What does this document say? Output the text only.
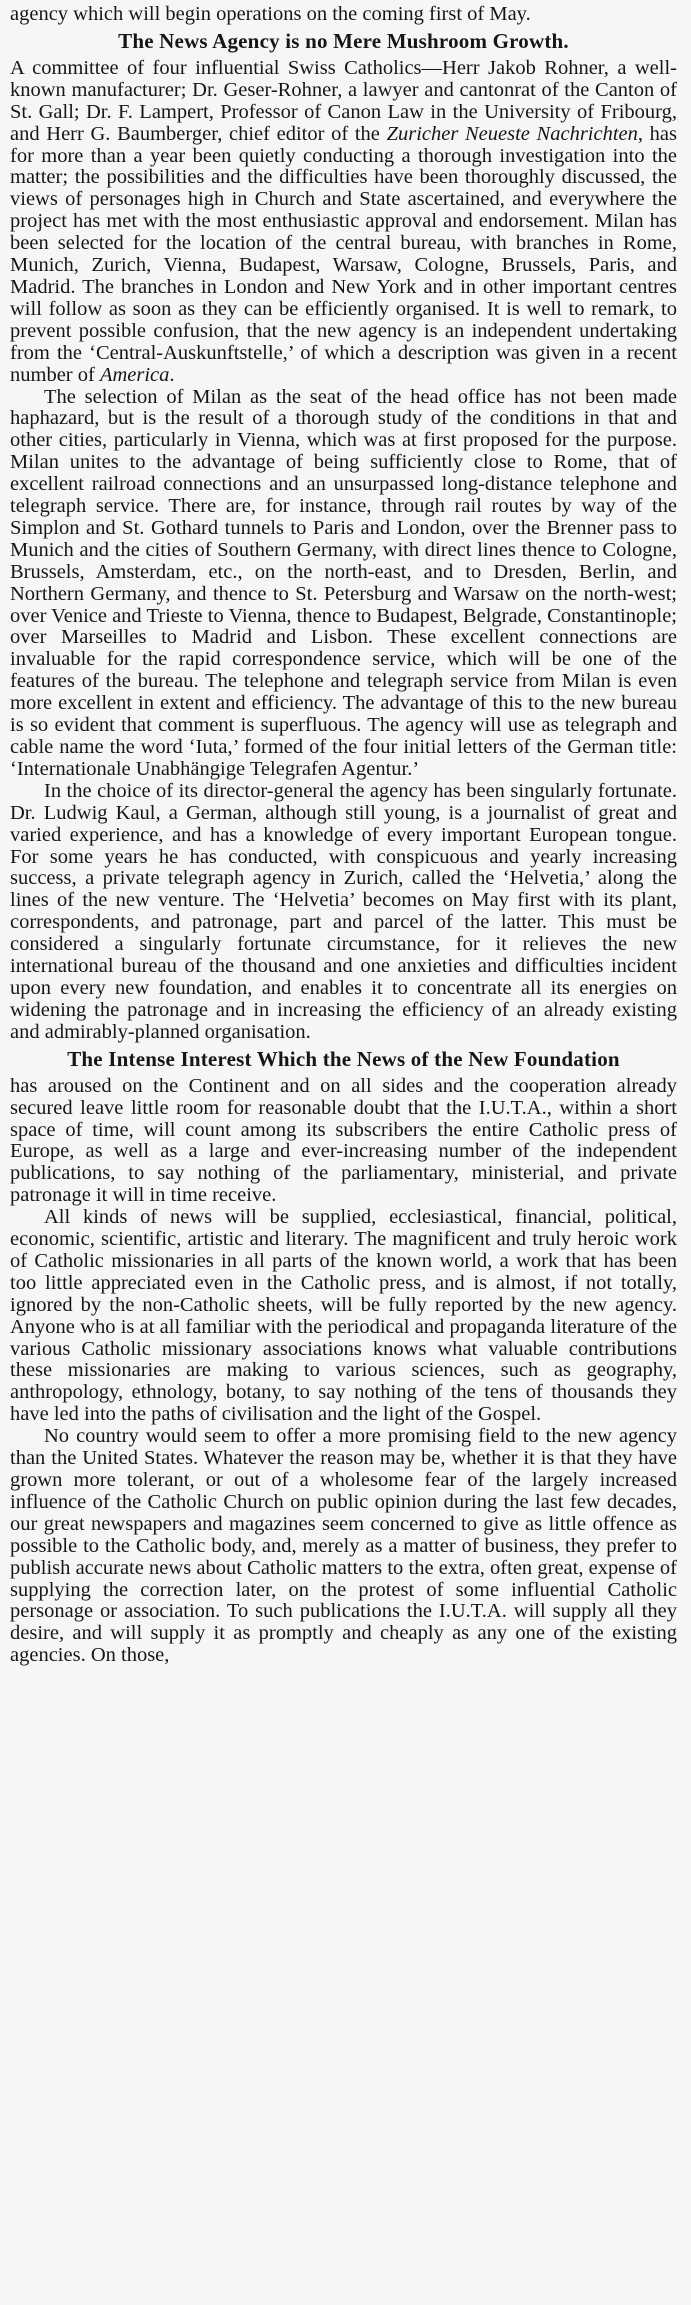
agency which will begin operations on the coming first of May.

The News Agency is no Mere Mushroom Growth.

A committee of four influential Swiss Catholics—Herr Jakob Rohner, a well-known manufacturer; Dr. Geser-Rohner, a lawyer and cantonrat of the Canton of St. Gall; Dr. F. Lampert, Professor of Canon Law in the University of Fribourg, and Herr G. Baumberger, chief editor of the Zuricher Neueste Nachrichten, has for more than a year been quietly conducting a thorough investigation into the matter; the possibilities and the difficulties have been thoroughly discussed, the views of personages high in Church and State ascertained, and everywhere the project has met with the most enthusiastic approval and endorsement. Milan has been selected for the location of the central bureau, with branches in Rome, Munich, Zurich, Vienna, Budapest, Warsaw, Cologne, Brussels, Paris, and Madrid. The branches in London and New York and in other important centres will follow as soon as they can be efficiently organised. It is well to remark, to prevent possible confusion, that the new agency is an independent undertaking from the ‘Central-Auskunftstelle,’ of which a description was given in a recent number of America.

The selection of Milan as the seat of the head office has not been made haphazard, but is the result of a thorough study of the conditions in that and other cities, particularly in Vienna, which was at first proposed for the purpose. Milan unites to the advantage of being sufficiently close to Rome, that of excellent railroad connections and an unsurpassed long-distance telephone and telegraph service. There are, for instance, through rail routes by way of the Simplon and St. Gothard tunnels to Paris and London, over the Brenner pass to Munich and the cities of Southern Germany, with direct lines thence to Cologne, Brussels, Amsterdam, etc., on the north-east, and to Dresden, Berlin, and Northern Germany, and thence to St. Petersburg and Warsaw on the north-west; over Venice and Trieste to Vienna, thence to Budapest, Belgrade, Constantinople; over Marseilles to Madrid and Lisbon. These excellent connections are invaluable for the rapid correspondence service, which will be one of the features of the bureau. The telephone and telegraph service from Milan is even more excellent in extent and efficiency. The advantage of this to the new bureau is so evident that comment is superfluous. The agency will use as telegraph and cable name the word ‘Iuta,’ formed of the four initial letters of the German title: ‘Internationale Unabhängige Telegrafen Agentur.’

In the choice of its director-general the agency has been singularly fortunate. Dr. Ludwig Kaul, a German, although still young, is a journalist of great and varied experience, and has a knowledge of every important European tongue. For some years he has conducted, with conspicuous and yearly increasing success, a private telegraph agency in Zurich, called the ‘Helvetia,’ along the lines of the new venture. The ‘Helvetia’ becomes on May first with its plant, correspondents, and patronage, part and parcel of the latter. This must be considered a singularly fortunate circumstance, for it relieves the new international bureau of the thousand and one anxieties and difficulties incident upon every new foundation, and enables it to concentrate all its energies on widening the patronage and in increasing the efficiency of an already existing and admirably-planned organisation.

The Intense Interest Which the News of the New Foundation

has aroused on the Continent and on all sides and the cooperation already secured leave little room for reasonable doubt that the I.U.T.A., within a short space of time, will count among its subscribers the entire Catholic press of Europe, as well as a large and ever-increasing number of the independent publications, to say nothing of the parliamentary, ministerial, and private patronage it will in time receive.

All kinds of news will be supplied, ecclesiastical, financial, political, economic, scientific, artistic and literary. The magnificent and truly heroic work of Catholic missionaries in all parts of the known world, a work that has been too little appreciated even in the Catholic press, and is almost, if not totally, ignored by the non-Catholic sheets, will be fully reported by the new agency. Anyone who is at all familiar with the periodical and propaganda literature of the various Catholic missionary associations knows what valuable contributions these missionaries are making to various sciences, such as geography, anthropology, ethnology, botany, to say nothing of the tens of thousands they have led into the paths of civilisation and the light of the Gospel.

No country would seem to offer a more promising field to the new agency than the United States. Whatever the reason may be, whether it is that they have grown more tolerant, or out of a wholesome fear of the largely increased influence of the Catholic Church on public opinion during the last few decades, our great newspapers and magazines seem concerned to give as little offence as possible to the Catholic body, and, merely as a matter of business, they prefer to publish accurate news about Catholic matters to the extra, often great, expense of supplying the correction later, on the protest of some influential Catholic personage or association. To such publications the I.U.T.A. will supply all they desire, and will supply it as promptly and cheaply as any one of the existing agencies. On those,
